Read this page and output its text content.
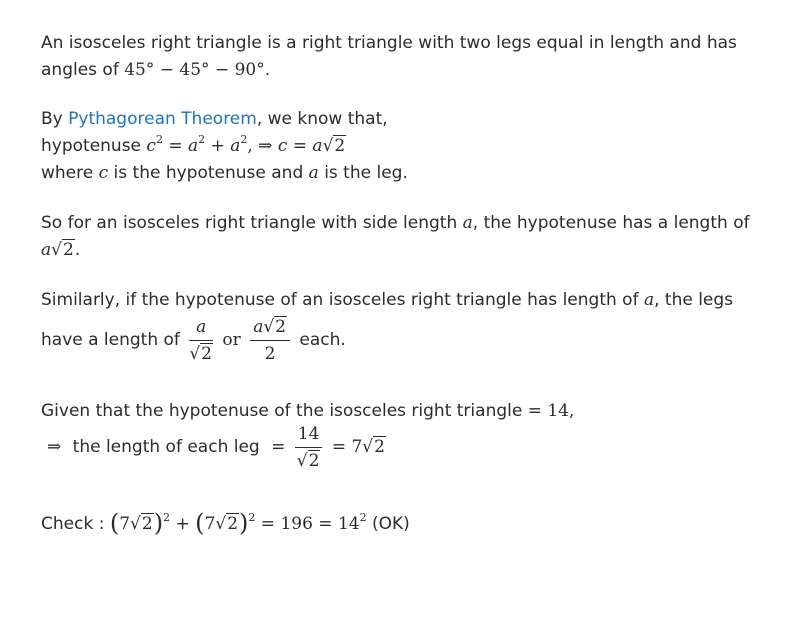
An isosceles right triangle is a right triangle with two legs equal in length and has
angles of 45° − 45° − 90°.
By Pythagorean Theorem, we know that,
hypotenuse $c^2 = a^2 + a^2$, ⇒ c = a√2
where c is the hypotenuse and a is the leg.
So for an isosceles right triangle with side length a, the hypotenuse has a length of
a√2.
Similarly, if the hypotenuse of an isosceles right triangle has length of a, the legs
have a length of $\frac{a}{√2}$ or $\frac{a√2}{2}$ each.
Given that the hypotenuse of the isosceles right triangle = 14,
⇒ the length of each leg = $\frac{14}{√2} = 7√2$
Check : $(7√2)^2 + (7√2)^2 = 196 = 14^2$ (OK)
